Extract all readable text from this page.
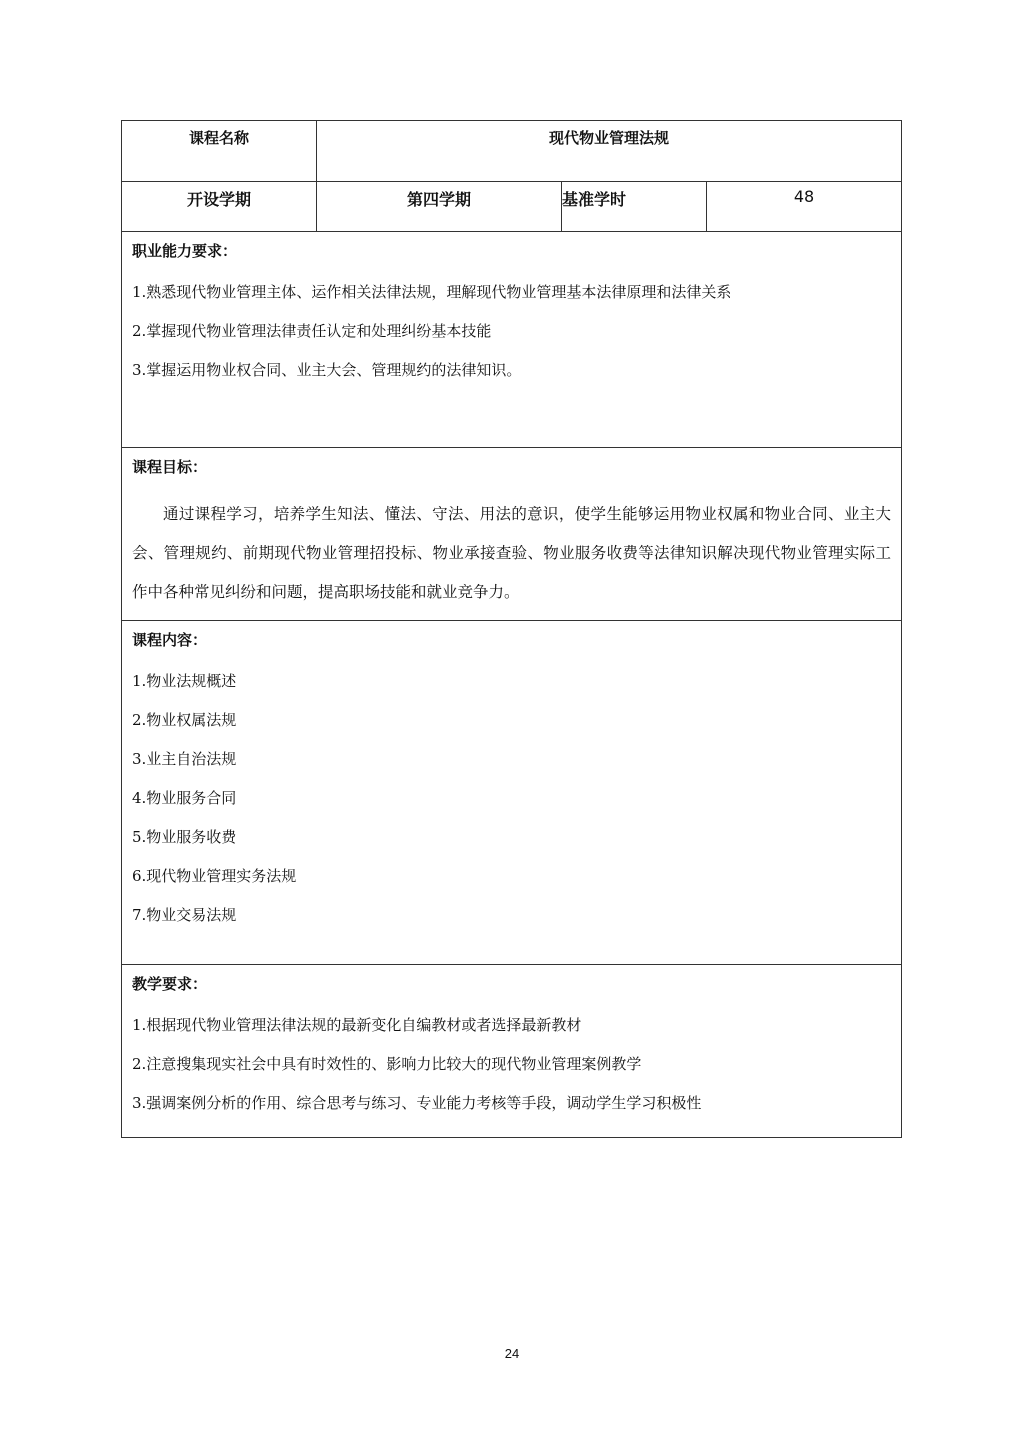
课程名称	现代物业管理法规
开设学期	第四学期	基准学时	48
职业能力要求：
1.熟悉现代物业管理主体、运作相关法律法规，理解现代物业管理基本法律原理和法律关系
2.掌握现代物业管理法律责任认定和处理纠纷基本技能
3.掌握运用物业权合同、业主大会、管理规约的法律知识。
课程目标：
通过课程学习，培养学生知法、懂法、守法、用法的意识，使学生能够运用物业权属和物业合同、业主大会、管理规约、前期现代物业管理招投标、物业承接查验、物业服务收费等法律知识解决现代物业管理实际工作中各种常见纠纷和问题，提高职场技能和就业竞争力。
课程内容：
1.物业法规概述
2.物业权属法规
3.业主自治法规
4.物业服务合同
5.物业服务收费
6.现代物业管理实务法规
7.物业交易法规
教学要求：
1.根据现代物业管理法律法规的最新变化自编教材或者选择最新教材
2.注意搜集现实社会中具有时效性的、影响力比较大的现代物业管理案例教学
3.强调案例分析的作用、综合思考与练习、专业能力考核等手段，调动学生学习积极性
24
